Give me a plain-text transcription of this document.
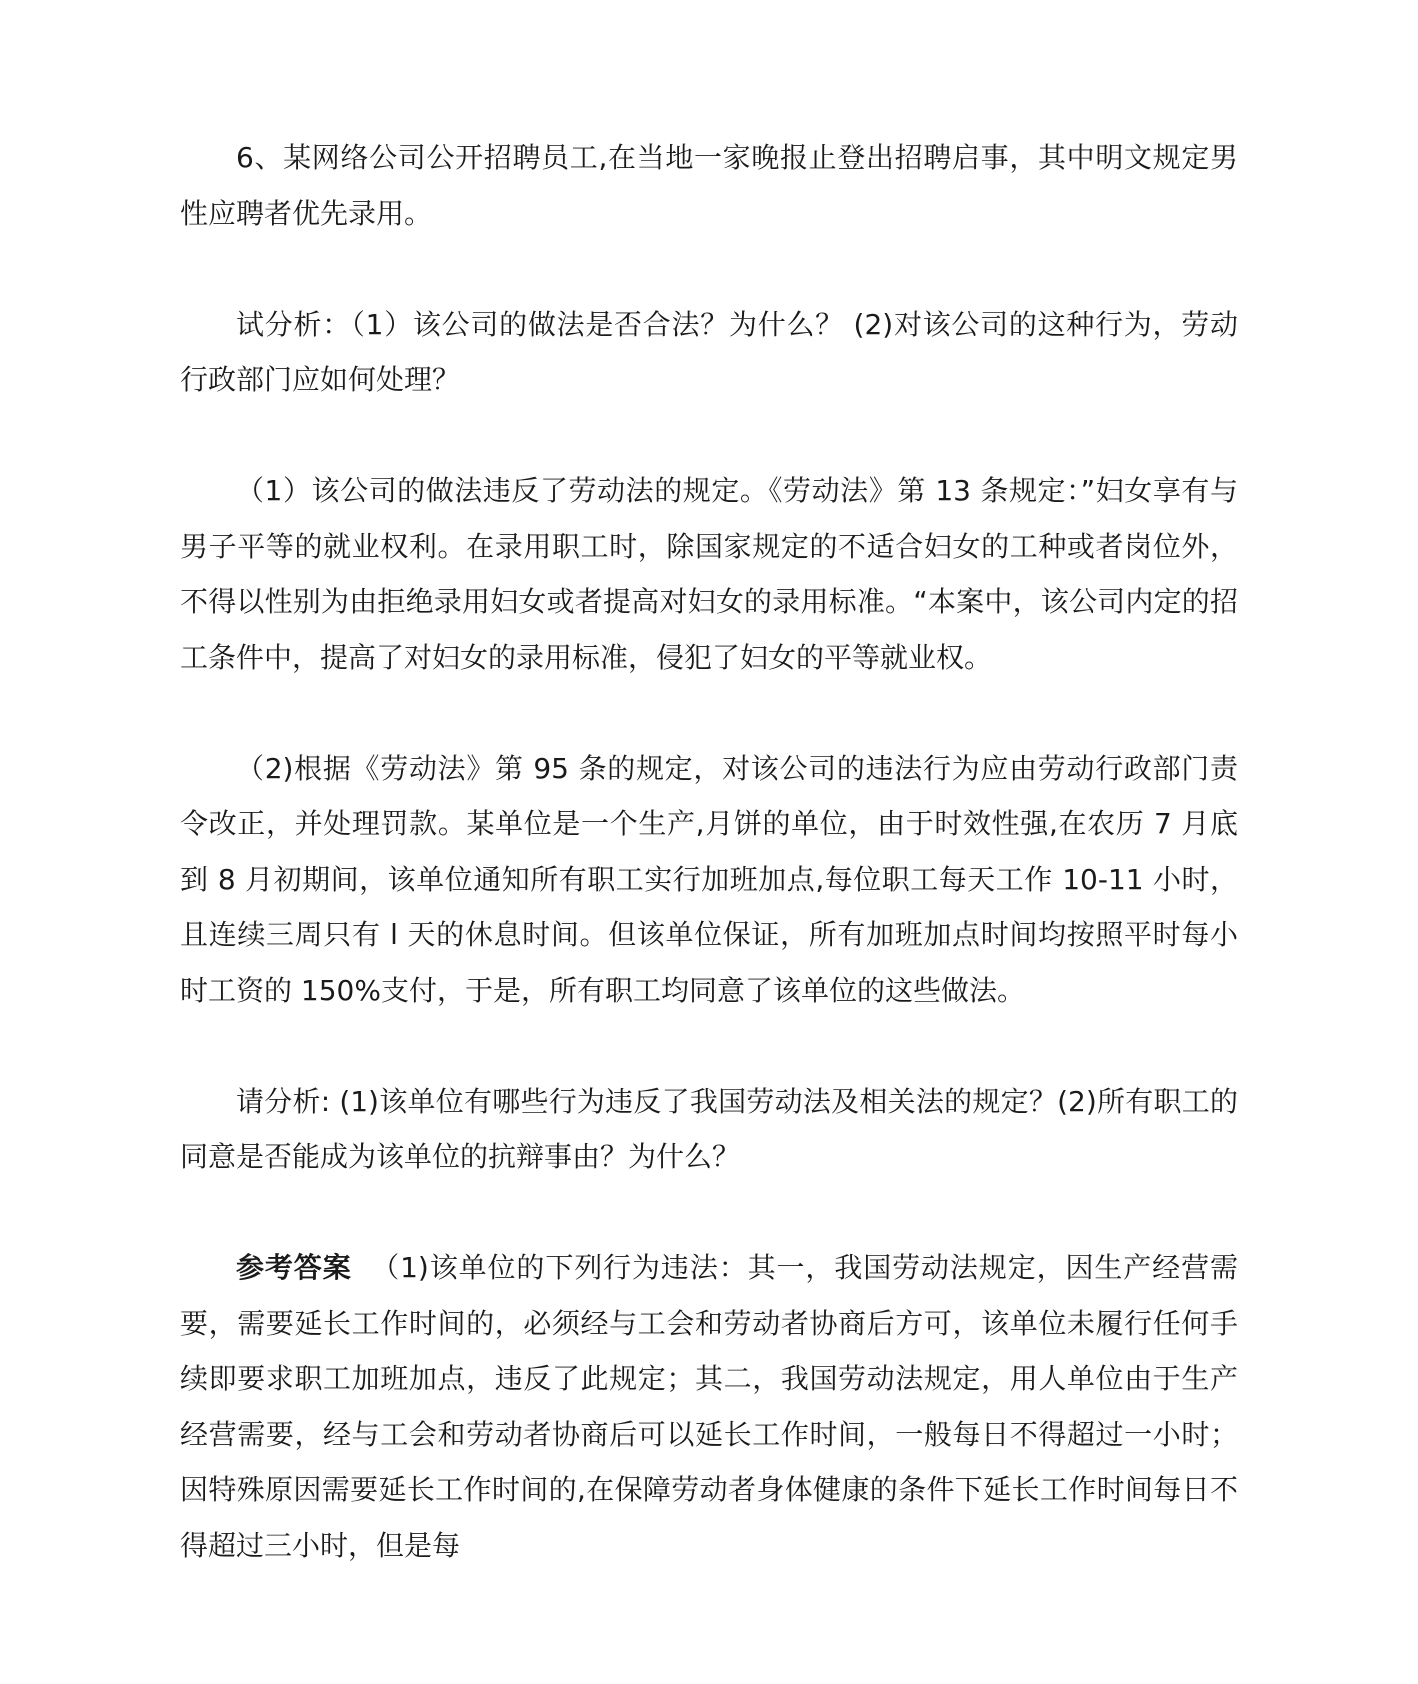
6、某网络公司公开招聘员工,在当地一家晚报止登出招聘启事，其中明文规定男性应聘者优先录用。

试分析：（1）该公司的做法是否合法？为什么？ (2)对该公司的这种行为，劳动行政部门应如何处理？

（1）该公司的做法违反了劳动法的规定。《劳动法》第 13 条规定：”妇女享有与男子平等的就业权利。在录用职工时，除国家规定的不适合妇女的工种或者岗位外，不得以性别为由拒绝录用妇女或者提高对妇女的录用标准。“本案中，该公司内定的招工条件中，提高了对妇女的录用标准，侵犯了妇女的平等就业权。

（2)根据《劳动法》第 95 条的规定，对该公司的违法行为应由劳动行政部门责令改正，并处理罚款。某单位是一个生产,月饼的单位，由于时效性强,在农历 7 月底到 8 月初期间，该单位通知所有职工实行加班加点,每位职工每天工作 10-11 小时，且连续三周只有 l 天的休息时间。但该单位保证，所有加班加点时间均按照平时每小时工资的 150%支付，于是，所有职工均同意了该单位的这些做法。

请分析: (1)该单位有哪些行为违反了我国劳动法及相关法的规定？(2)所有职工的同意是否能成为该单位的抗辩事由？为什么？

参考答案 （1)该单位的下列行为违法：其一，我国劳动法规定，因生产经营需要，需要延长工作时间的，必须经与工会和劳动者协商后方可，该单位未履行任何手续即要求职工加班加点，违反了此规定；其二，我国劳动法规定，用人单位由于生产经营需要，经与工会和劳动者协商后可以延长工作时间，一般每日不得超过一小时；因特殊原因需要延长工作时间的,在保障劳动者身体健康的条件下延长工作时间每日不得超过三小时，但是每
